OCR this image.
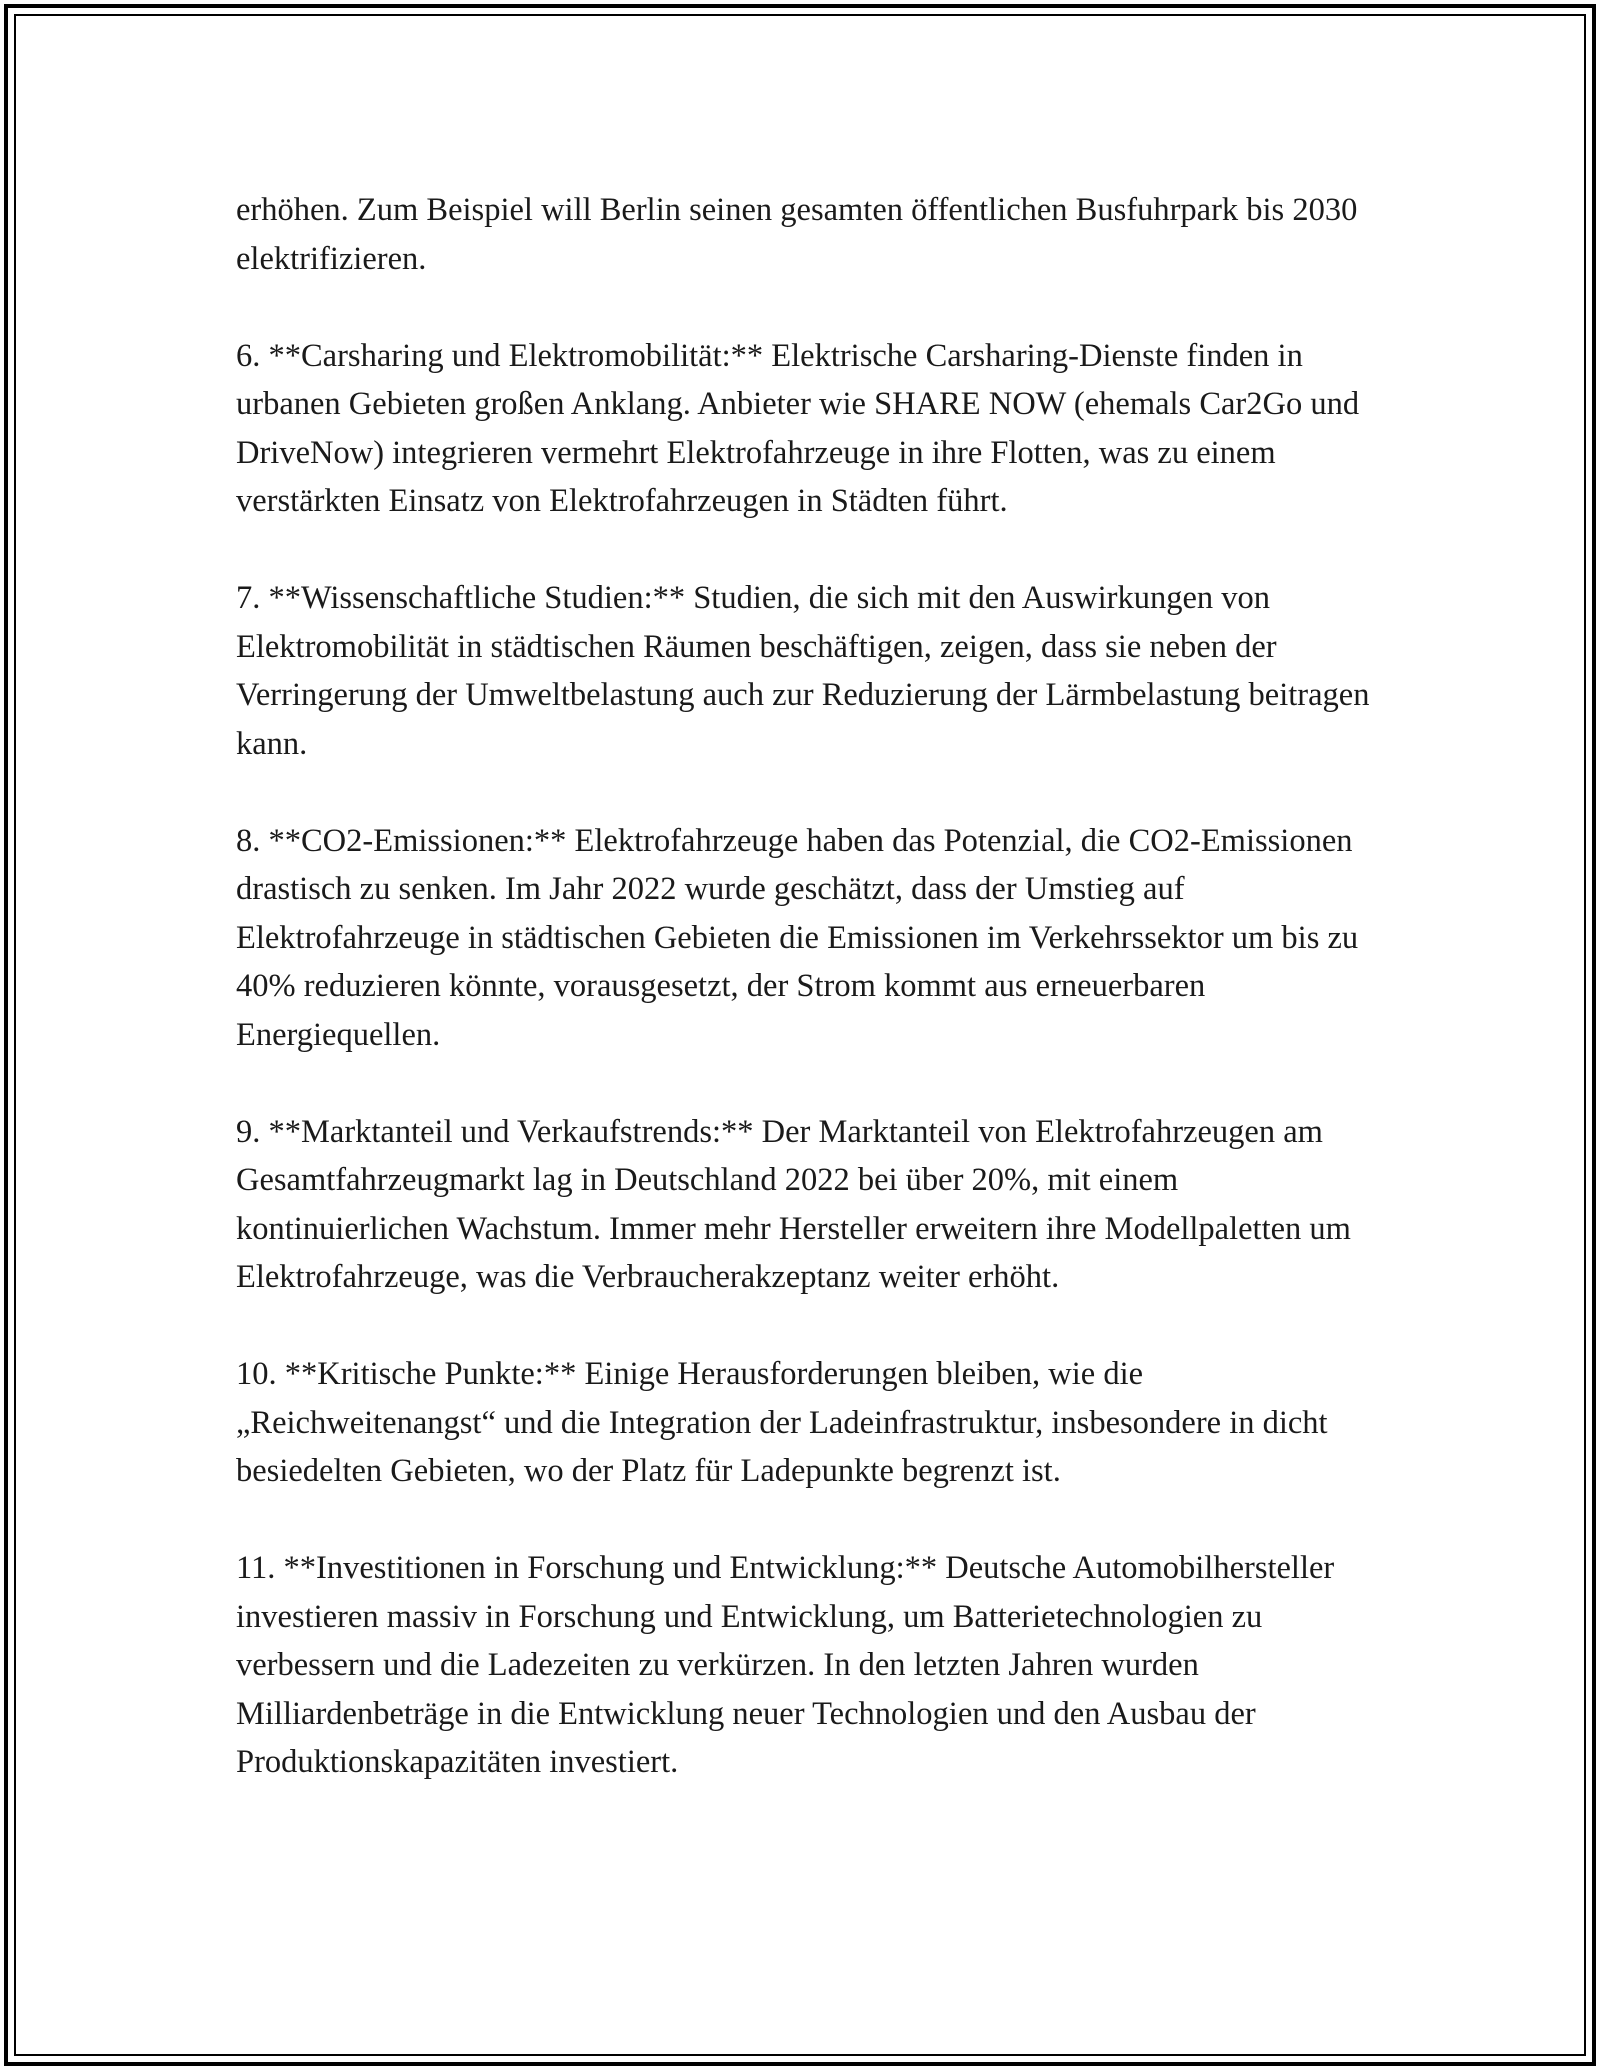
erhöhen. Zum Beispiel will Berlin seinen gesamten öffentlichen Busfuhrpark bis 2030 elektrifizieren.

6. **Carsharing und Elektromobilität:** Elektrische Carsharing-Dienste finden in urbanen Gebieten großen Anklang. Anbieter wie SHARE NOW (ehemals Car2Go und DriveNow) integrieren vermehrt Elektrofahrzeuge in ihre Flotten, was zu einem verstärkten Einsatz von Elektrofahrzeugen in Städten führt.

7. **Wissenschaftliche Studien:** Studien, die sich mit den Auswirkungen von Elektromobilität in städtischen Räumen beschäftigen, zeigen, dass sie neben der Verringerung der Umweltbelastung auch zur Reduzierung der Lärmbelastung beitragen kann.

8. **CO2-Emissionen:** Elektrofahrzeuge haben das Potenzial, die CO2-Emissionen drastisch zu senken. Im Jahr 2022 wurde geschätzt, dass der Umstieg auf Elektrofahrzeuge in städtischen Gebieten die Emissionen im Verkehrssektor um bis zu 40% reduzieren könnte, vorausgesetzt, der Strom kommt aus erneuerbaren Energiequellen.

9. **Marktanteil und Verkaufstrends:** Der Marktanteil von Elektrofahrzeugen am Gesamtfahrzeugmarkt lag in Deutschland 2022 bei über 20%, mit einem kontinuierlichen Wachstum. Immer mehr Hersteller erweitern ihre Modellpaletten um Elektrofahrzeuge, was die Verbraucherakzeptanz weiter erhöht.

10. **Kritische Punkte:** Einige Herausforderungen bleiben, wie die „Reichweitenangst“ und die Integration der Ladeinfrastruktur, insbesondere in dicht besiedelten Gebieten, wo der Platz für Ladepunkte begrenzt ist.

11. **Investitionen in Forschung und Entwicklung:** Deutsche Automobilhersteller investieren massiv in Forschung und Entwicklung, um Batterietechnologien zu verbessern und die Ladezeiten zu verkürzen. In den letzten Jahren wurden Milliardenbeträge in die Entwicklung neuer Technologien und den Ausbau der Produktionskapazitäten investiert.
